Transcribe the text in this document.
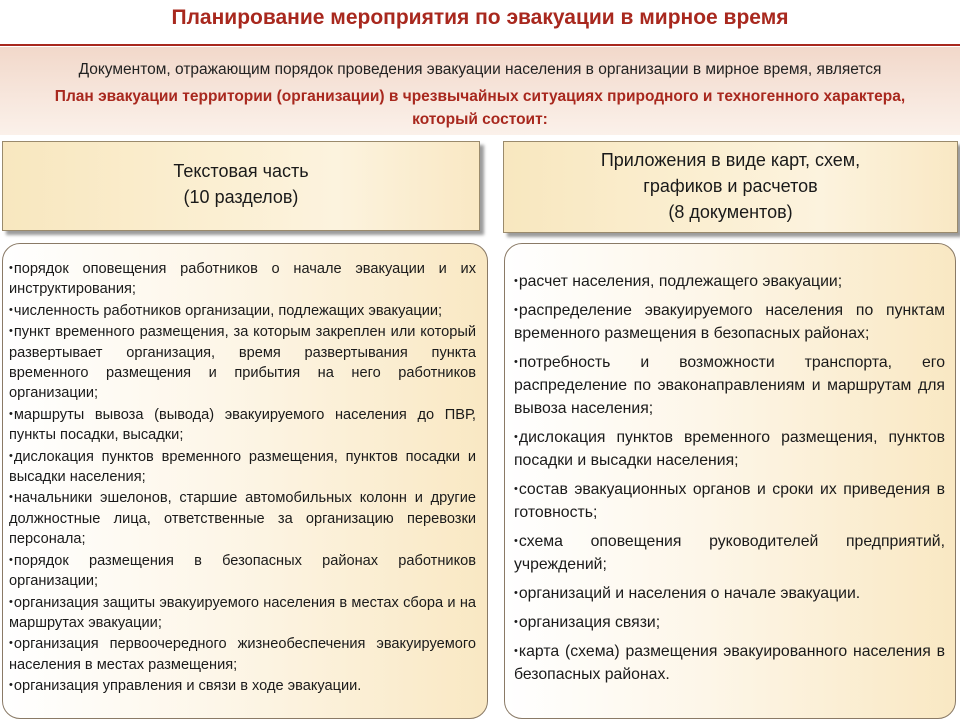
Планирование мероприятия по эвакуации в мирное время
Документом, отражающим порядок проведения эвакуации населения в организации в мирное время, является
План эвакуации территории (организации) в чрезвычайных ситуациях природного и техногенного характера, который состоит:
Текстовая часть
(10 разделов)
Приложения в виде карт, схем,
графиков и расчетов
(8 документов)
•порядок оповещения работников о начале эвакуации и их инструктирования;
•численность работников организации, подлежащих эвакуации;
•пункт временного размещения, за которым закреплен или который развертывает организация, время развертывания пункта временного размещения и прибытия на него работников организации;
•маршруты вывоза (вывода) эвакуируемого населения до ПВР, пункты посадки, высадки;
•дислокация пунктов временного размещения, пунктов посадки и высадки населения;
•начальники эшелонов, старшие автомобильных колонн и другие должностные лица, ответственные за организацию перевозки персонала;
•порядок размещения в безопасных районах работников организации;
•организация защиты эвакуируемого населения в местах сбора и на маршрутах эвакуации;
•организация первоочередного жизнеобеспечения эвакуируемого населения в местах размещения;
•организация управления и связи в ходе эвакуации.
•расчет населения, подлежащего эвакуации;
•распределение эвакуируемого населения по пунктам временного размещения в безопасных районах;
•потребность и возможности транспорта, его распределение по эваконаправлениям и маршрутам для вывоза населения;
•дислокация пунктов временного размещения, пунктов посадки и высадки населения;
•состав эвакуационных органов и сроки их приведения в готовность;
•схема оповещения руководителей предприятий, учреждений;
•организаций и населения о начале эвакуации.
•организация связи;
•карта (схема) размещения эвакуированного населения в безопасных районах.
